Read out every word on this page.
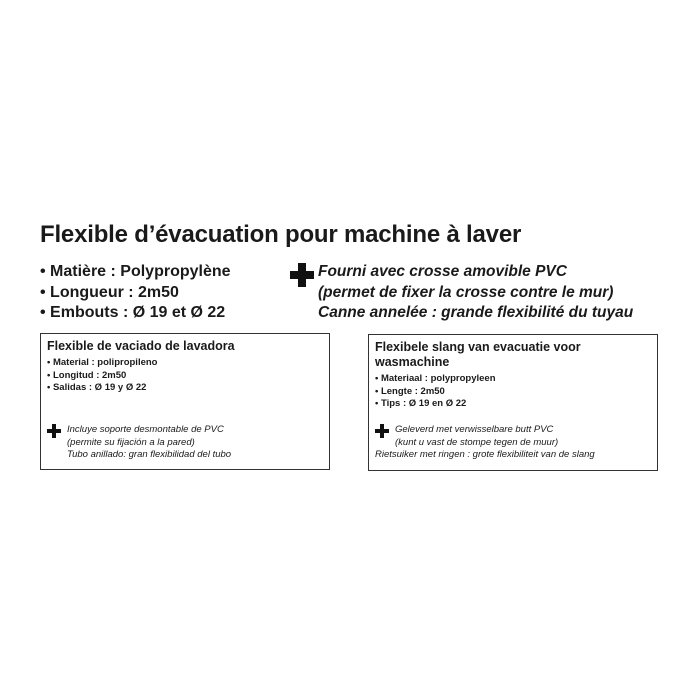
Flexible d’évacuation pour machine à laver
• Matière : Polypropylène
• Longueur : 2m50
• Embouts : Ø 19 et Ø 22
Fourni avec crosse amovible PVC
(permet de fixer la crosse contre le mur)
Canne annelée : grande flexibilité du tuyau

Flexible de vaciado de lavadora

• Material : polipropileno
• Longitud : 2m50
• Salidas : Ø 19 y Ø 22
Incluye soporte desmontable de PVC
(permite su fijación a la pared)
Tubo anillado: gran flexibilidad del tubo

Flexibele slang van evacuatie voor

wasmachine

• Materiaal : polypropyleen
• Lengte : 2m50
• Tips : Ø 19 en Ø 22
Geleverd met verwisselbare butt PVC
(kunt u vast de stompe tegen de muur)
Rietsuiker met ringen : grote flexibiliteit van de slang
